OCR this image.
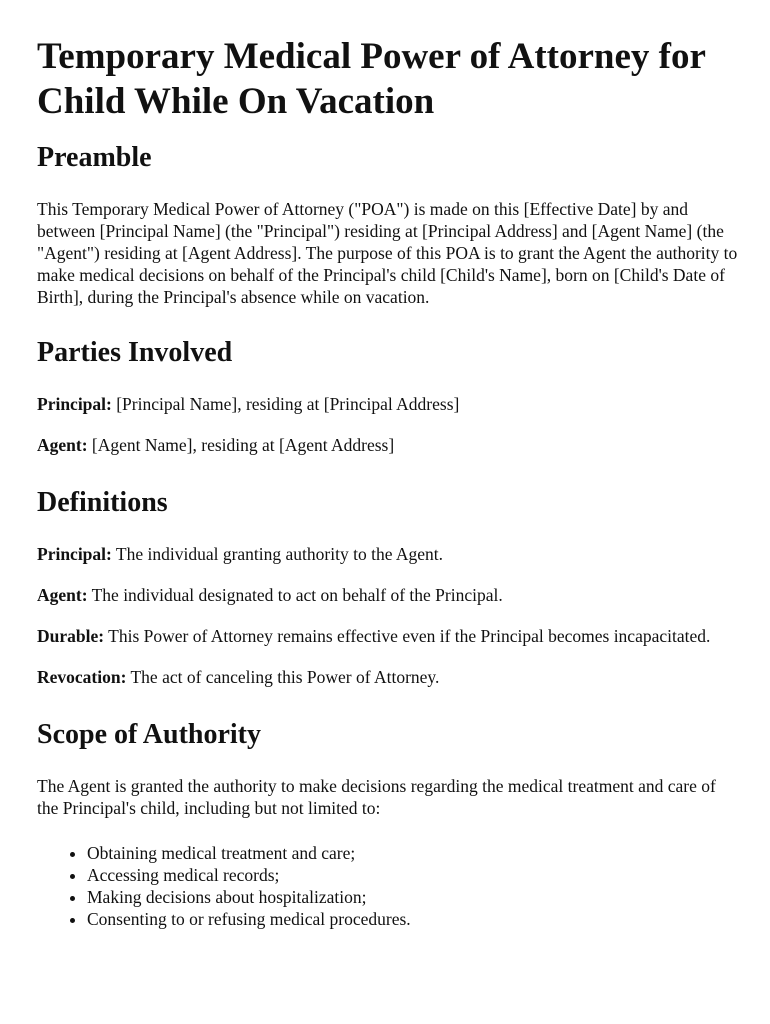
Temporary Medical Power of Attorney for Child While On Vacation
Preamble

This Temporary Medical Power of Attorney ("POA") is made on this [Effective Date] by and between [Principal Name] (the "Principal") residing at [Principal Address] and [Agent Name] (the "Agent") residing at [Agent Address]. The purpose of this POA is to grant the Agent the authority to make medical decisions on behalf of the Principal's child [Child's Name], born on [Child's Date of Birth], during the Principal's absence while on vacation.

Parties Involved

Principal: [Principal Name], residing at [Principal Address]

Agent: [Agent Name], residing at [Agent Address]

Definitions

Principal: The individual granting authority to the Agent.

Agent: The individual designated to act on behalf of the Principal.

Durable: This Power of Attorney remains effective even if the Principal becomes incapacitated.

Revocation: The act of canceling this Power of Attorney.

Scope of Authority

The Agent is granted the authority to make decisions regarding the medical treatment and care of the Principal's child, including but not limited to:

• Obtaining medical treatment and care;
• Accessing medical records;
• Making decisions about hospitalization;
• Consenting to or refusing medical procedures.
